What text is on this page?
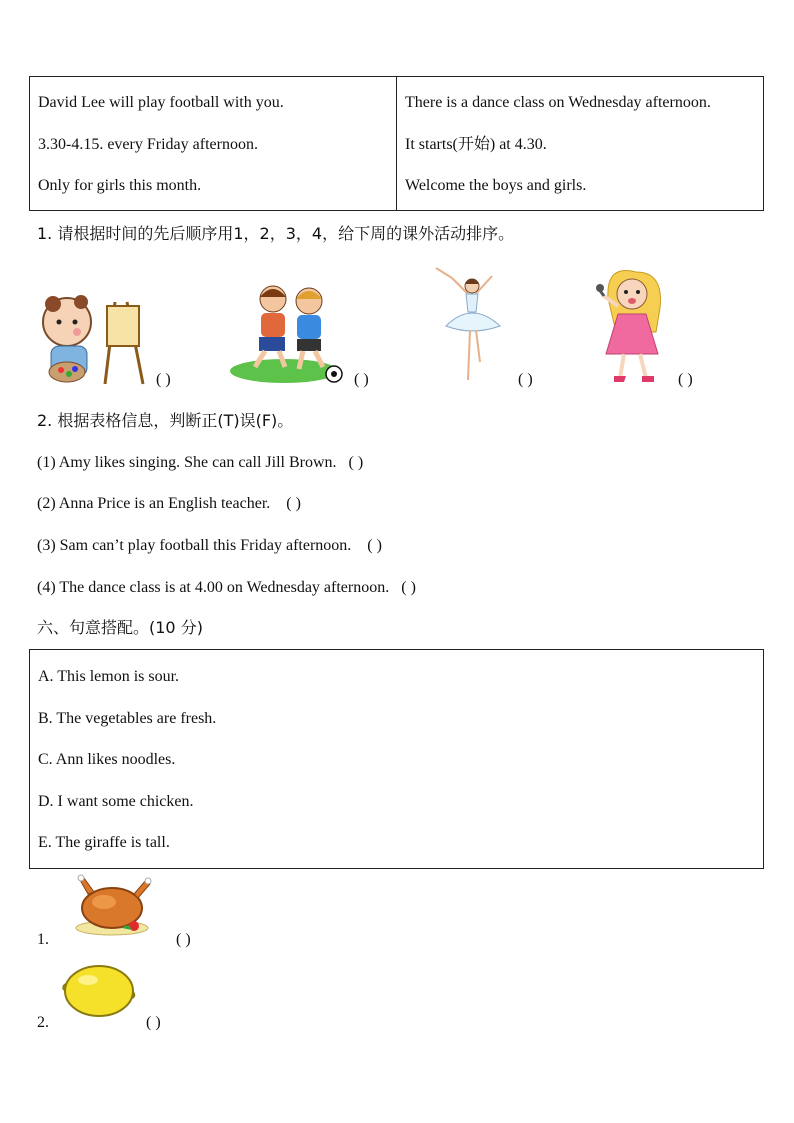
David Lee will play football with you.
3.30-4.15. every Friday afternoon.
Only for girls this month.
There is a dance class on Wednesday afternoon.
It starts(开始) at 4.30.
Welcome the boys and girls.
1. 请根据时间的先后顺序用1，2，3，4，给下周的课外活动排序。
( )	( )	( )	( )
2. 根据表格信息，判断正(T)误(F)。
(1) Amy likes singing. She can call Jill Brown. ( )
(2) Anna Price is an English teacher. ( )
(3) Sam can’t play football this Friday afternoon. ( )
(4) The dance class is at 4.00 on Wednesday afternoon. ( )
六、句意搭配。(10 分)
A. This lemon is sour.
B. The vegetables are fresh.
C. Ann likes noodles.
D. I want some chicken.
E. The giraffe is tall.
1.	( )
2.	( )
